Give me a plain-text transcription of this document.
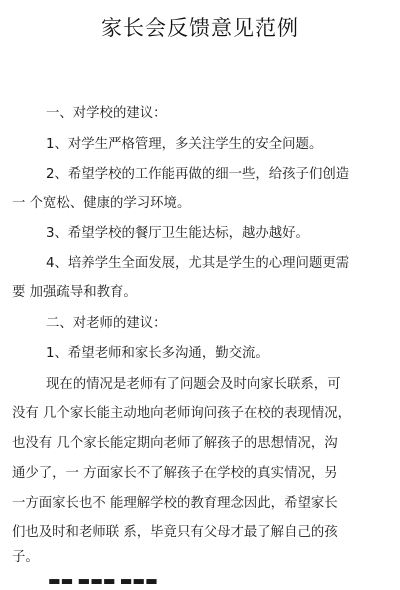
家长会反馈意见范例
一、对学校的建议：
1、对学生严格管理，多关注学生的安全问题。
2、希望学校的工作能再做的细一些，给孩子们创造
一 个宽松、健康的学习环境。
3、希望学校的餐厅卫生能达标，越办越好。
4、培养学生全面发展，尤其是学生的心理问题更需
要 加强疏导和教育。
二、对老师的建议：
1、希望老师和家长多沟通，勤交流。
现在的情况是老师有了问题会及时向家长联系，可
没有 几个家长能主动地向老师询问孩子在校的表现情况，
也没有 几个家长能定期向老师了解孩子的思想情况，沟
通少了，一 方面家长不了解孩子在学校的真实情况，另
一方面家长也不 能理解学校的教育理念因此，希望家长
们也及时和老师联 系，毕竟只有父母才最了解自己的孩
子。
▬▬ ▬▬▬ ▬▬▬
